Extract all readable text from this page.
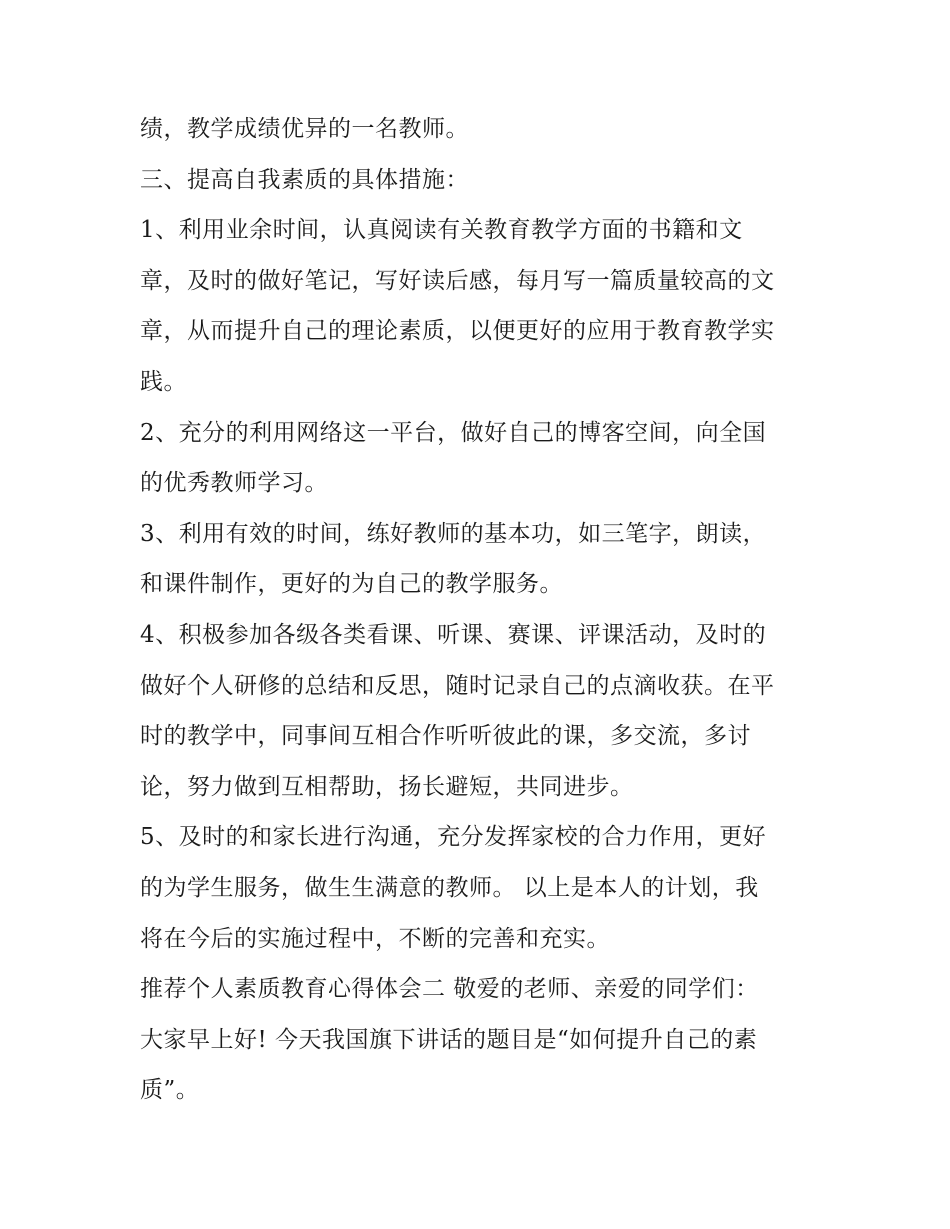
绩，教学成绩优异的一名教师。
三、提高自我素质的具体措施：
1、利用业余时间，认真阅读有关教育教学方面的书籍和文
章，及时的做好笔记，写好读后感，每月写一篇质量较高的文
章，从而提升自己的理论素质，以便更好的应用于教育教学实
践。
2、充分的利用网络这一平台，做好自己的博客空间，向全国
的优秀教师学习。
3、利用有效的时间，练好教师的基本功，如三笔字，朗读，
和课件制作，更好的为自己的教学服务。
4、积极参加各级各类看课、听课、赛课、评课活动，及时的
做好个人研修的总结和反思，随时记录自己的点滴收获。在平
时的教学中，同事间互相合作听听彼此的课，多交流，多讨
论，努力做到互相帮助，扬长避短，共同进步。
5、及时的和家长进行沟通，充分发挥家校的合力作用，更好
的为学生服务，做生生满意的教师。 以上是本人的计划，我
将在今后的实施过程中，不断的完善和充实。
推荐个人素质教育心得体会二 敬爱的老师、亲爱的同学们：
大家早上好! 今天我国旗下讲话的题目是“如何提升自己的素
质”。
